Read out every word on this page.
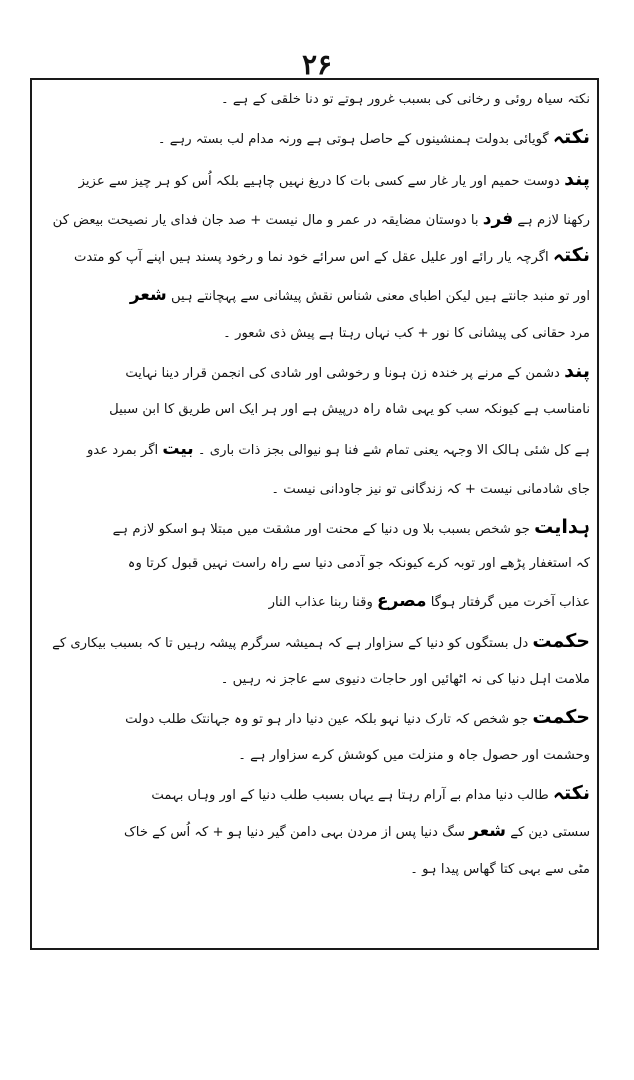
۲۶
نکتہ سیاہ روئی و رخانی کی بسبب غرور ہوتے تو دنا خلقی کے ہے ۔
نکتہ گویائی بدولت ہمنشینوں کے حاصل ہوتی ہے ورنہ مدام لب بستہ رہے ۔
پند دوست حمیم اور یار غار سے کسی بات کا دریغ نہیں چاہیے بلکہ اُس کو ہر چیز سے عزیز
رکھنا لازم ہے فرد با دوستان مضایقہ در عمر و مال نیست + صد جان فدای یار نصیحت بیعض کن
نکتہ اگرچہ یار رائے اور علیل عقل کے اس سرائے خود نما و رخود پسند ہیں اپنے آپ کو متدت
اور تو منبد جانتے ہیں لیکن اطبای معنی شناس نقش پیشانی سے پہچانتے ہیں شعر
مرد حقانی کی پیشانی کا نور + کب نہاں رہتا ہے پیش ذی شعور ۔
پند دشمن کے مرنے پر خندہ زن ہونا و رخوشی اور شادی کی انجمن قرار دینا نہایت
نامناسب ہے کیونکہ سب کو یہی شاہ راہ درپیش ہے اور ہر ایک اس طریق کا ابن سبیل
ہے کل شئی ہالک الا وجہہ یعنی تمام شے فنا ہو نیوالی بجز ذات باری ۔ بیت اگر بمرد عدو
جای شادمانی نیست + کہ زندگانی تو نیز جاودانی نیست ۔
ہدایت جو شخص بسبب بلا وں دنیا کے محنت اور مشقت میں مبتلا ہو اسکو لازم ہے
کہ استغفار پڑھے اور توبہ کرے کیونکہ جو آدمی دنیا سے راہ راست نہیں قبول کرتا وہ
عذاب آخرت میں گرفتار ہوگا مصرع وقنا ربنا عذاب النار
حکمت دل بستگوں کو دنیا کے سزاوار ہے کہ ہمیشہ سرگرم پیشہ رہیں تا کہ بسبب بیکاری کے
ملامت اہل دنیا کی نہ اٹھائیں اور حاجات دنیوی سے عاجز نہ رہیں ۔
حکمت جو شخص کہ تارک دنیا نہو بلکہ عین دنیا دار ہو تو وہ جہانتک طلب دولت
وحشمت اور حصول جاہ و منزلت میں کوشش کرے سزاوار ہے ۔
نکتہ طالب دنیا مدام بے آرام رہتا ہے یہاں بسبب طلب دنیا کے اور وہاں بہمت
سستی دین کے شعر سگ دنیا پس از مردن بہی دامن گیر دنیا ہو + کہ اُس کے خاک
مٹی سے بہی کتا گھاس پیدا ہو ۔
